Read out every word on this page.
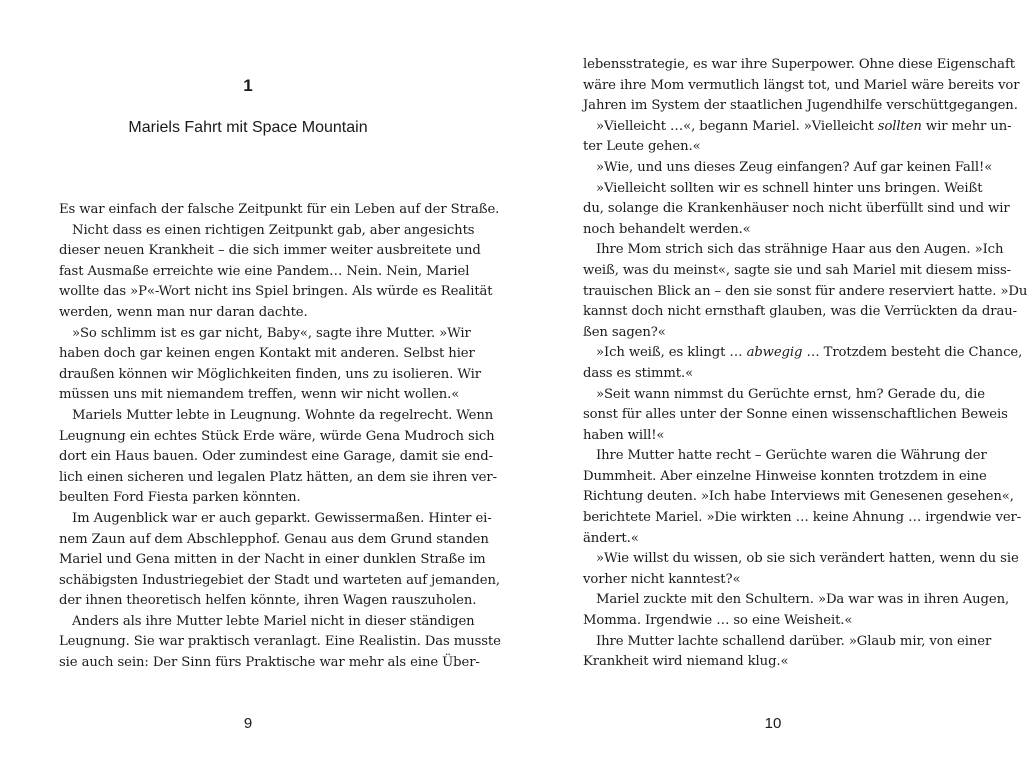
1
Mariels Fahrt mit Space Mountain
Es war einfach der falsche Zeitpunkt für ein Leben auf der Straße.
Nicht dass es einen richtigen Zeitpunkt gab, aber angesichts
dieser neuen Krankheit – die sich immer weiter ausbreitete und
fast Ausmaße erreichte wie eine Pandem… Nein. Nein, Mariel
wollte das »P«-Wort nicht ins Spiel bringen. Als würde es Realität
werden, wenn man nur daran dachte.
»So schlimm ist es gar nicht, Baby«, sagte ihre Mutter. »Wir
haben doch gar keinen engen Kontakt mit anderen. Selbst hier
draußen können wir Möglichkeiten finden, uns zu isolieren. Wir
müssen uns mit niemandem treffen, wenn wir nicht wollen.«
Mariels Mutter lebte in Leugnung. Wohnte da regelrecht. Wenn
Leugnung ein echtes Stück Erde wäre, würde Gena Mudroch sich
dort ein Haus bauen. Oder zumindest eine Garage, damit sie end-
lich einen sicheren und legalen Platz hätten, an dem sie ihren ver-
beulten Ford Fiesta parken könnten.
Im Augenblick war er auch geparkt. Gewissermaßen. Hinter ei-
nem Zaun auf dem Abschlepphof. Genau aus dem Grund standen
Mariel und Gena mitten in der Nacht in einer dunklen Straße im
schäbigsten Industriegebiet der Stadt und warteten auf jemanden,
der ihnen theoretisch helfen könnte, ihren Wagen rauszuholen.
Anders als ihre Mutter lebte Mariel nicht in dieser ständigen
Leugnung. Sie war praktisch veranlagt. Eine Realistin. Das musste
sie auch sein: Der Sinn fürs Praktische war mehr als eine Über-
9
lebensstrategie, es war ihre Superpower. Ohne diese Eigenschaft
wäre ihre Mom vermutlich längst tot, und Mariel wäre bereits vor
Jahren im System der staatlichen Jugendhilfe verschüttgegangen.
»Vielleicht …«, begann Mariel. »Vielleicht sollten wir mehr un-
ter Leute gehen.«
»Wie, und uns dieses Zeug einfangen? Auf gar keinen Fall!«
»Vielleicht sollten wir es schnell hinter uns bringen. Weißt
du, solange die Krankenhäuser noch nicht überfüllt sind und wir
noch behandelt werden.«
Ihre Mom strich sich das strähnige Haar aus den Augen. »Ich
weiß, was du meinst«, sagte sie und sah Mariel mit diesem miss-
trauischen Blick an – den sie sonst für andere reserviert hatte. »Du
kannst doch nicht ernsthaft glauben, was die Verrückten da drau-
ßen sagen?«
»Ich weiß, es klingt … abwegig … Trotzdem besteht die Chance,
dass es stimmt.«
»Seit wann nimmst du Gerüchte ernst, hm? Gerade du, die
sonst für alles unter der Sonne einen wissenschaftlichen Beweis
haben will!«
Ihre Mutter hatte recht – Gerüchte waren die Währung der
Dummheit. Aber einzelne Hinweise konnten trotzdem in eine
Richtung deuten. »Ich habe Interviews mit Genesenen gesehen«,
berichtete Mariel. »Die wirkten … keine Ahnung … irgendwie ver-
ändert.«
»Wie willst du wissen, ob sie sich verändert hatten, wenn du sie
vorher nicht kanntest?«
Mariel zuckte mit den Schultern. »Da war was in ihren Augen,
Momma. Irgendwie … so eine Weisheit.«
Ihre Mutter lachte schallend darüber. »Glaub mir, von einer
Krankheit wird niemand klug.«
10
